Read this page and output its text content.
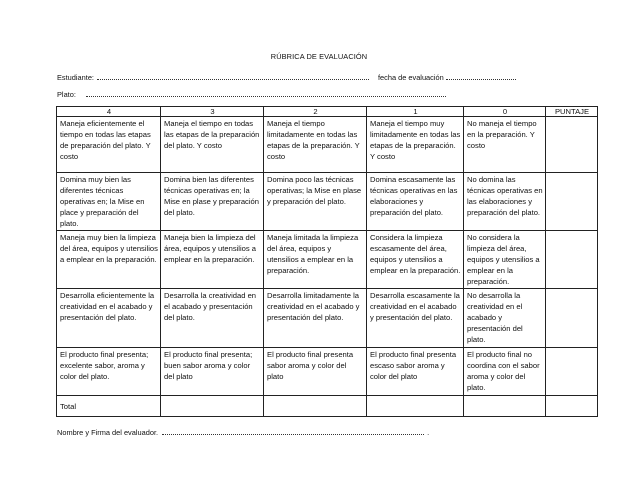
RÚBRICA DE EVALUACIÓN
Estudiante:	fecha de evaluación
Plato:
4	3	2	1	0	PUNTAJE
Maneja eficientemente el tiempo en todas las etapas de preparación del plato. Y costo	Maneja el tiempo en todas las etapas de la preparación del plato. Y costo	Maneja el tiempo limitadamente en todas las etapas de la preparación. Y costo	Maneja el tiempo muy limitadamente en todas las etapas de la preparación. Y costo	No maneja el tiempo en la preparación. Y costo	
Domina muy bien las diferentes técnicas operativas en; la Mise en place y preparación del plato.	Domina bien las diferentes técnicas operativas en; la Mise en plase y preparación del plato.	Domina poco las técnicas operativas; la Mise en plase y preparación del plato.	Domina escasamente las técnicas operativas en las elaboraciones y preparación del plato.	No domina las técnicas operativas en las elaboraciones y preparación del plato.	
Maneja muy bien la limpieza del área, equipos y utensilios a emplear en la preparación.	Maneja bien la limpieza del área, equipos y utensilios a emplear en la preparación.	Maneja limitada la limpieza del área, equipos y utensilios a emplear en la preparación.	Considera la limpieza escasamente del área, equipos y utensilios a emplear en la preparación.	No considera la limpieza del área, equipos y utensilios a emplear en la preparación.	
Desarrolla eficientemente la creatividad en el acabado y presentación del plato.	Desarrolla la creatividad en el acabado y presentación del plato.	Desarrolla limitadamente la creatividad en el acabado y presentación del plato.	Desarrolla escasamente la creatividad en el acabado y presentación del plato.	No desarrolla la creatividad en el acabado y presentación del plato.	
El producto final presenta; excelente sabor, aroma y color del plato.	El producto final presenta; buen sabor aroma y color del plato	El producto final presenta sabor aroma y color del plato	El producto final presenta escaso sabor aroma y color del plato	El producto final no coordina con el sabor aroma y color del plato.	
Total					
Nombre y Firma del evaluador.	.
